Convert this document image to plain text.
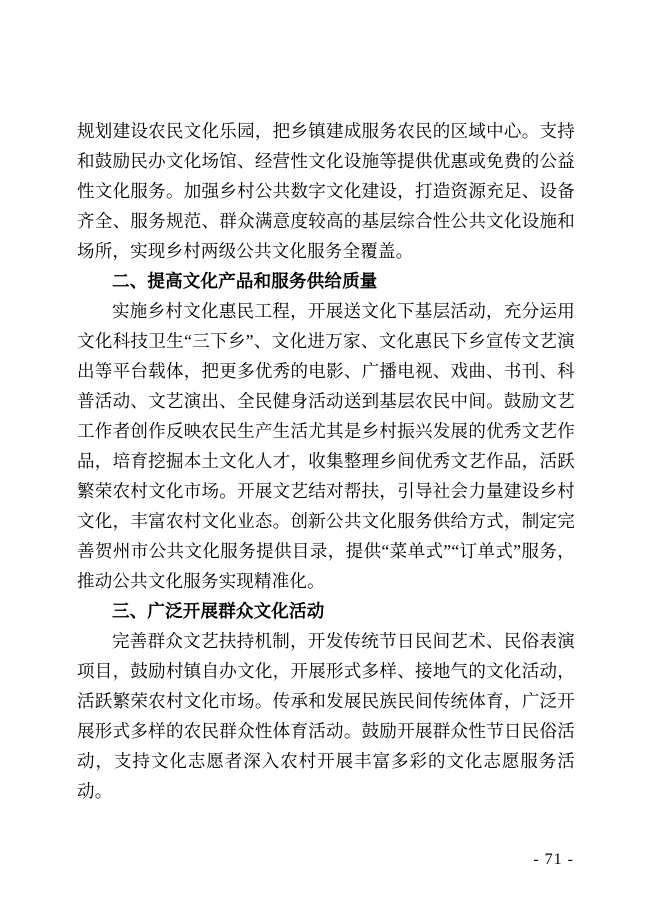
规划建设农民文化乐园，把乡镇建成服务农民的区域中心。支持和鼓励民办文化场馆、经营性文化设施等提供优惠或免费的公益性文化服务。加强乡村公共数字文化建设，打造资源充足、设备齐全、服务规范、群众满意度较高的基层综合性公共文化设施和场所，实现乡村两级公共文化服务全覆盖。

二、提高文化产品和服务供给质量

实施乡村文化惠民工程，开展送文化下基层活动，充分运用文化科技卫生“三下乡”、文化进万家、文化惠民下乡宣传文艺演出等平台载体，把更多优秀的电影、广播电视、戏曲、书刊、科普活动、文艺演出、全民健身活动送到基层农民中间。鼓励文艺工作者创作反映农民生产生活尤其是乡村振兴发展的优秀文艺作品，培育挖掘本土文化人才，收集整理乡间优秀文艺作品，活跃繁荣农村文化市场。开展文艺结对帮扶，引导社会力量建设乡村文化，丰富农村文化业态。创新公共文化服务供给方式，制定完善贺州市公共文化服务提供目录，提供“菜单式”“订单式”服务，推动公共文化服务实现精准化。

三、广泛开展群众文化活动

完善群众文艺扶持机制，开发传统节日民间艺术、民俗表演项目，鼓励村镇自办文化，开展形式多样、接地气的文化活动，活跃繁荣农村文化市场。传承和发展民族民间传统体育，广泛开展形式多样的农民群众性体育活动。鼓励开展群众性节日民俗活动，支持文化志愿者深入农村开展丰富多彩的文化志愿服务活动。

- 71 -
